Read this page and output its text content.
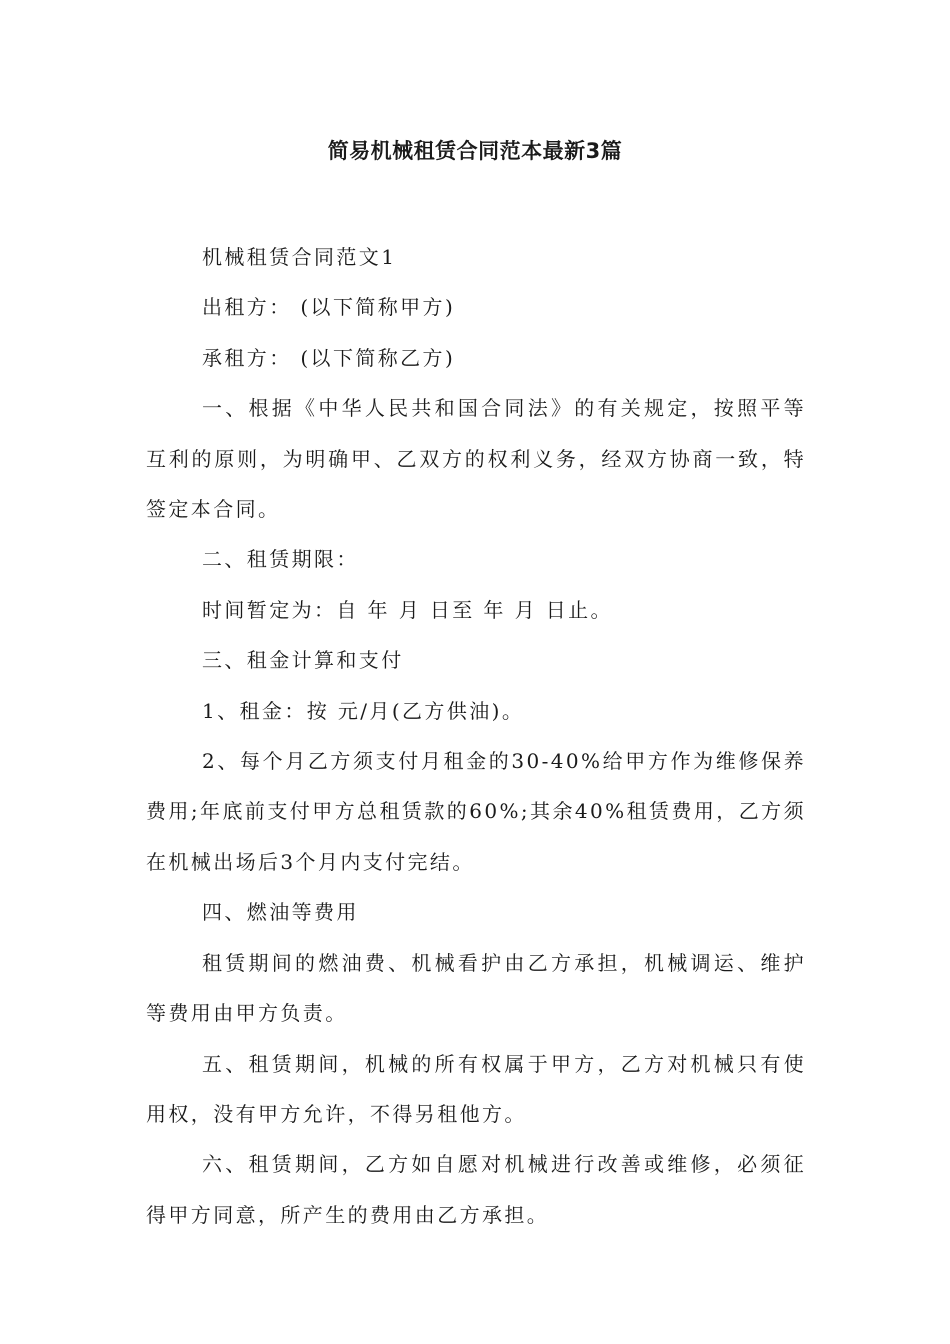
简易机械租赁合同范本最新3篇

机械租赁合同范文1

出租方： (以下简称甲方)

承租方： (以下简称乙方)

一、根据《中华人民共和国合同法》的有关规定，按照平等互利的原则，为明确甲、乙双方的权利义务，经双方协商一致，特签定本合同。

二、租赁期限：

时间暂定为：自 年 月 日至 年 月 日止。

三、租金计算和支付

1、租金：按 元/月(乙方供油)。

2、每个月乙方须支付月租金的30-40%给甲方作为维修保养费用;年底前支付甲方总租赁款的60%;其余40%租赁费用，乙方须在机械出场后3个月内支付完结。

四、燃油等费用

租赁期间的燃油费、机械看护由乙方承担，机械调运、维护等费用由甲方负责。

五、租赁期间，机械的所有权属于甲方，乙方对机械只有使用权，没有甲方允许，不得另租他方。

六、租赁期间，乙方如自愿对机械进行改善或维修，必须征得甲方同意，所产生的费用由乙方承担。
